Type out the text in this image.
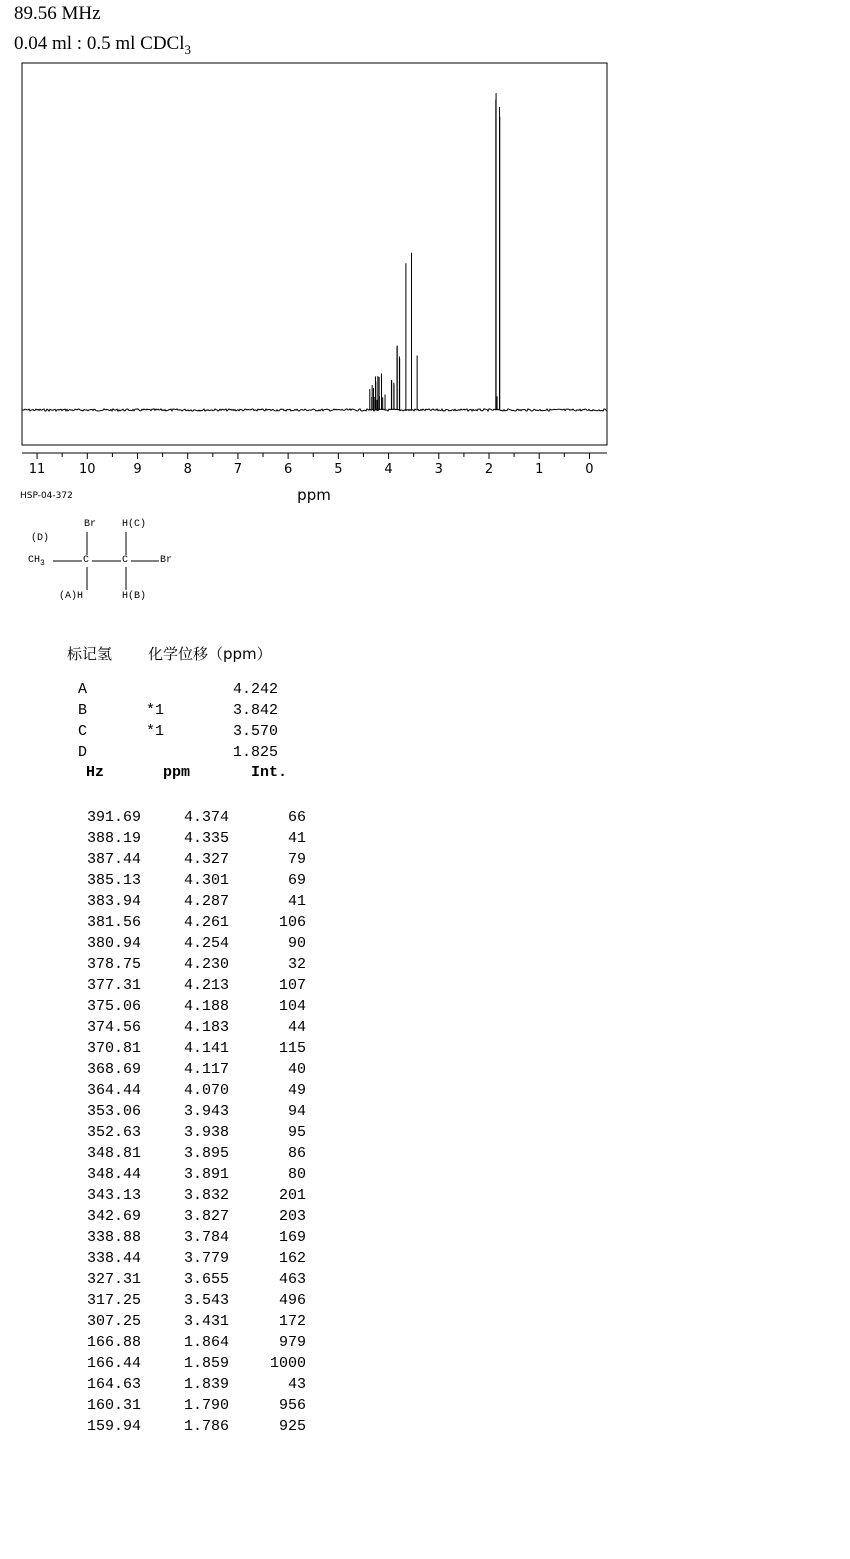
89.56 MHz
0.04 ml : 0.5 ml CDCl$_3$
11	10	9	8	7	6	5	4	3	2	1	0
ppm
HSP-04-372
Br	H(C)
(D)
$CH_3$	C	C	Br
(A)H	H(B)
标记氢 化学位移（ppm）
A	4.242
B	*1	3.842
C	*1	3.570
D	1.825
Hz	ppm	Int.
391.69	4.374	66
388.19	4.335	41
387.44	4.327	79
385.13	4.301	69
383.94	4.287	41
381.56	4.261	106
380.94	4.254	90
378.75	4.230	32
377.31	4.213	107
375.06	4.188	104
374.56	4.183	44
370.81	4.141	115
368.69	4.117	40
364.44	4.070	49
353.06	3.943	94
352.63	3.938	95
348.81	3.895	86
348.44	3.891	80
343.13	3.832	201
342.69	3.827	203
338.88	3.784	169
338.44	3.779	162
327.31	3.655	463
317.25	3.543	496
307.25	3.431	172
166.88	1.864	979
166.44	1.859	1000
164.63	1.839	43
160.31	1.790	956
159.94	1.786	925
